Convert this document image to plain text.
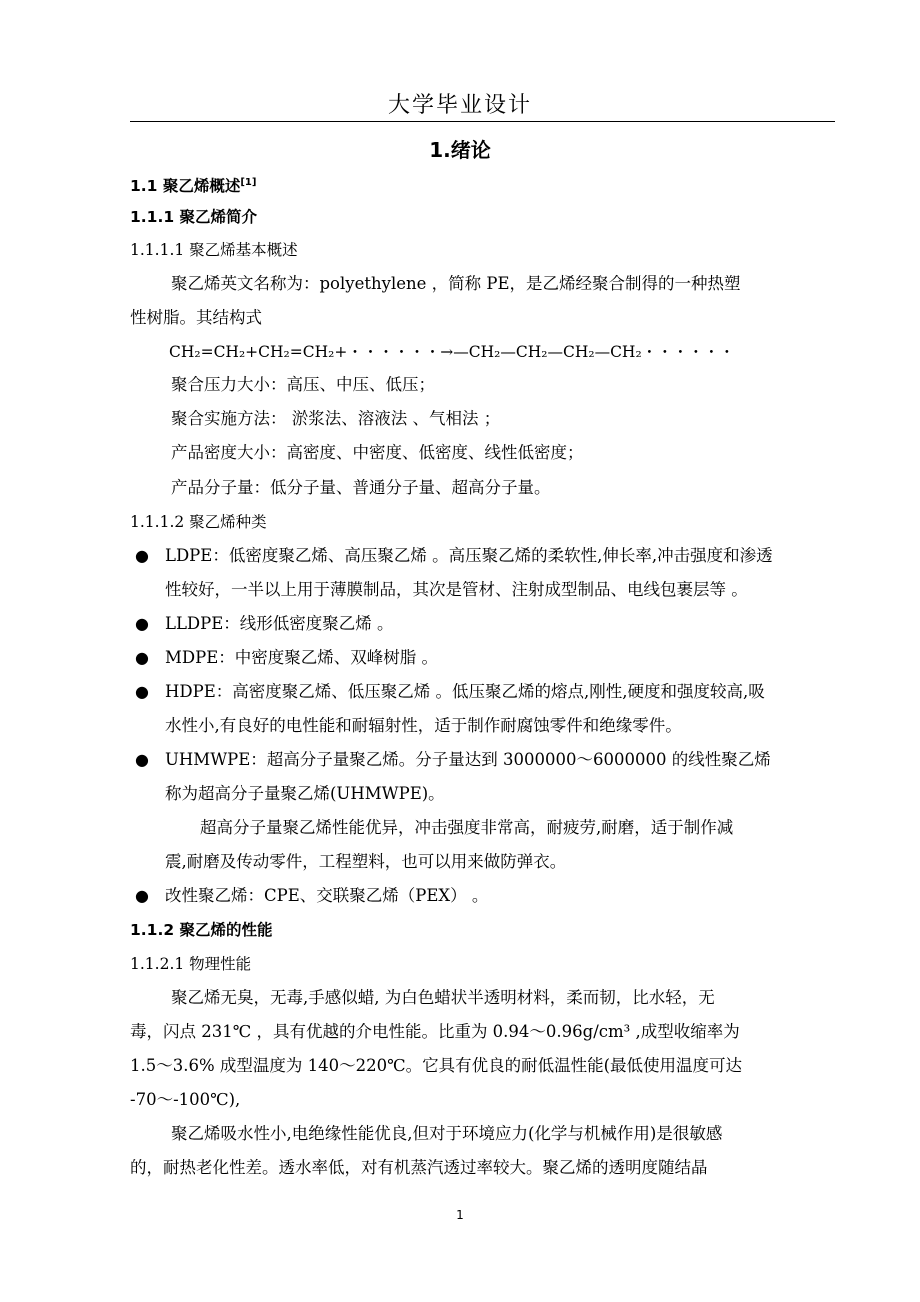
大学毕业设计
1.绪论
1.1 聚乙烯概述[1]
1.1.1 聚乙烯简介
1.1.1.1 聚乙烯基本概述
聚乙烯英文名称为：polyethylene ，简称 PE，是乙烯经聚合制得的一种热塑
性树脂。其结构式
CH₂=CH₂+CH₂=CH₂+・・・・・・→—CH₂—CH₂—CH₂—CH₂・・・・・・
聚合压力大小：高压、中压、低压；
聚合实施方法： 淤浆法、溶液法 、气相法 ；
产品密度大小：高密度、中密度、低密度、线性低密度；
产品分子量：低分子量、普通分子量、超高分子量。
1.1.1.2 聚乙烯种类
● LDPE：低密度聚乙烯、高压聚乙烯 。高压聚乙烯的柔软性,伸长率,冲击强度和渗透
性较好，一半以上用于薄膜制品，其次是管材、注射成型制品、电线包裹层等 。
● LLDPE：线形低密度聚乙烯 。
● MDPE：中密度聚乙烯、双峰树脂 。
● HDPE：高密度聚乙烯、低压聚乙烯 。低压聚乙烯的熔点,刚性,硬度和强度较高,吸
水性小,有良好的电性能和耐辐射性，适于制作耐腐蚀零件和绝缘零件。
● UHMWPE：超高分子量聚乙烯。分子量达到 3000000～6000000 的线性聚乙烯
称为超高分子量聚乙烯(UHMWPE)。
超高分子量聚乙烯性能优异，冲击强度非常高，耐疲劳,耐磨，适于制作减
震,耐磨及传动零件，工程塑料，也可以用来做防弹衣。
● 改性聚乙烯：CPE、交联聚乙烯（PEX） 。
1.1.2 聚乙烯的性能
1.1.2.1 物理性能
聚乙烯无臭，无毒,手感似蜡, 为白色蜡状半透明材料，柔而韧，比水轻，无
毒，闪点 231℃ ，具有优越的介电性能。比重为 0.94～0.96g/cm³ ,成型收缩率为
1.5～3.6% 成型温度为 140～220℃。它具有优良的耐低温性能(最低使用温度可达
-70～-100℃),
聚乙烯吸水性小,电绝缘性能优良,但对于环境应力(化学与机械作用)是很敏感
的，耐热老化性差。透水率低，对有机蒸汽透过率较大。聚乙烯的透明度随结晶
1
